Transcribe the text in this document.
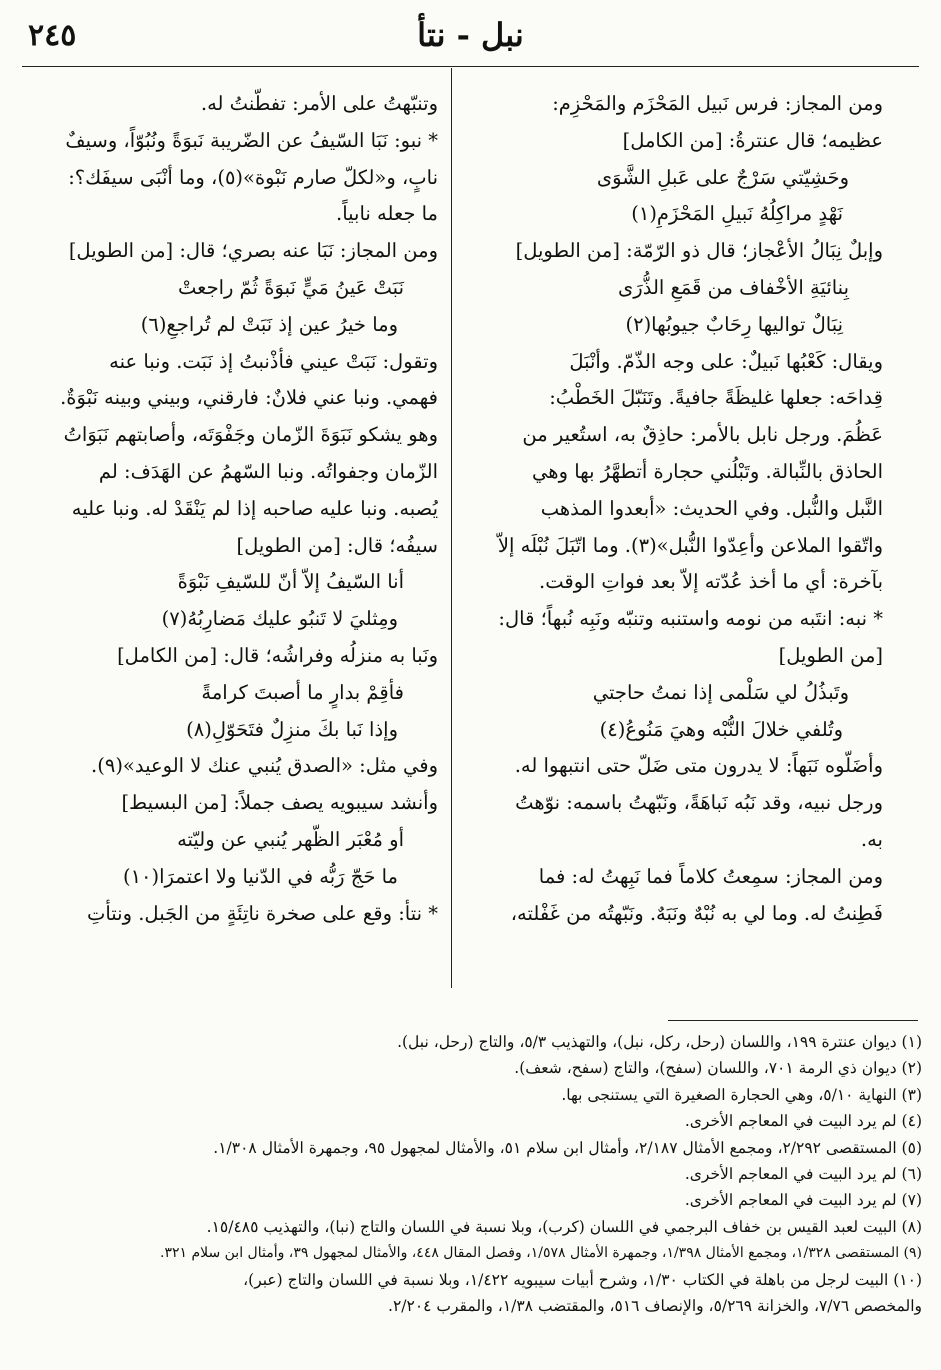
٢٤٥	نبل - نتأ
ومن المجاز: فرس نَبيل المَحْزَم والمَحْزِم:
عظيمه؛ قال عنترةُ: [من الكامل]
وحَشِيّتي سَرْجٌ على عَبلِ الشَّوَى
نَهْدٍ مراكِلُهُ نَبيلِ المَحْزَمِ(١)
وإبلٌ نِبَالُ الأعْجاز؛ قال ذو الرّمّة: [من الطويل]
بِنائيَةِ الأخْفاف من قَمَعِ الذُّرَى
نِبَالٌ تواليها رِحَابٌ جيوبُها(٢)
ويقال: كَعْبُها نَبيلٌ: على وجه الذّمّ. وأنْبَلَ
قِداحَه: جعلها غليظَةً جافيةً. وتَنَبّلَ الخَطْبُ:
عَظُمَ. ورجل نابل بالأمر: حاذِقٌ به، استُعير من
الحاذق بالنِّبالة. وتَبْلُني حجارة أتطهَّرُ بها وهي
النَّبل والنُّبل. وفي الحديث: «أبعدوا المذهب
واتّقوا الملاعن وأعِدّوا النُّبل»(٣). وما اتّبَلَ نُبْلَه إلاّ
بآخرة: أي ما أخذ عُدّته إلاّ بعد فواتِ الوقت.
* نبه: انتَبه من نومه واستنبه وتنبّه ونَبِه نُبهاً؛ قال:
[من الطويل]
وتَبذُلُ لي سَلْمى إذا نمتُ حاجتي
وتُلفي خلالَ النُّبْه وهيَ مَنُوعُ(٤)
وأضَلّوه نَبَهاً: لا يدرون متى ضَلّ حتى انتبهوا له.
ورجل نبيه، وقد نَبُه نَباهَةً، ونَبّهتُ باسمه: نوّهتُ
به.
ومن المجاز: سمِعتُ كلاماً فما نَبِهتُ له: فما
فَطِنتُ له. وما لي به نُبْهٌ ونَبَهٌ. ونَبّهتُه من غَفْلته،
وتنبّهتُ على الأمر: تفطّنتُ له.
* نبو: نَبَا السّيفُ عن الضّريبة نَبوَةً ونُبُوّاً، وسيفٌ
نابٍ، و«لكلّ صارم نَبْوة»(٥)، وما أنْبَى سيفَك؟:
ما جعله نابياً.
ومن المجاز: نَبَا عنه بصري؛ قال: [من الطويل]
نَبَتْ عَينُ مَيٍّ نَبوَةً ثُمّ راجعتْ
وما خيرُ عين إذ نَبَتْ لم تُراجعِ(٦)
وتقول: نَبَتْ عيني فأذْنبتُ إذ نَبَت. ونبا عنه
فهمي. ونبا عني فلانٌ: فارقني، وبيني وبينه نَبْوَةٌ.
وهو يشكو نَبَوَةَ الزّمان وجَفْوَتَه، وأصابتهم نَبَوَاتُ
الزّمان وجفواتُه. ونبا السّهمُ عن الهَدَف: لم
يُصبه. ونبا عليه صاحبه إذا لم يَنْقَدْ له. ونبا عليه
سيفُه؛ قال: [من الطويل]
أنا السّيفُ إلاّ أنّ للسّيفِ نَبْوَةً
ومِثليَ لا تَنبُو عليك مَضارِبُهُ(٧)
ونَبا به منزلُه وفراشُه؛ قال: [من الكامل]
فأقِمْ بدارٍ ما أصبتَ كرامةً
وإذا نَبا بكَ منزِلٌ فتَحَوّلِ(٨)
وفي مثل: «الصدق يُنبي عنك لا الوعيد»(٩).
وأنشد سيبويه يصف جملاً: [من البسيط]
أو مُعْبَر الظّهر يُنبي عن وليّته
ما حَجّ رَبُّه في الدّنيا ولا اعتمرَا(١٠)
* نتأ: وقع على صخرة ناتِئَةٍ من الجَبل. ونتأتِ
(١) ديوان عنترة ١٩٩، واللسان (رحل، ركل، نبل)، والتهذيب ٥/٣، والتاج (رحل، نبل).
(٢) ديوان ذي الرمة ٧٠١، واللسان (سفح)، والتاج (سفح، شعف).
(٣) النهاية ٥/١٠، وهي الحجارة الصغيرة التي يستنجى بها.
(٤) لم يرد البيت في المعاجم الأخرى.
(٥) المستقصى ٢/٢٩٢، ومجمع الأمثال ٢/١٨٧، وأمثال ابن سلام ٥١، والأمثال لمجهول ٩٥، وجمهرة الأمثال ١/٣٠٨.
(٦) لم يرد البيت في المعاجم الأخرى.
(٧) لم يرد البيت في المعاجم الأخرى.
(٨) البيت لعبد القيس بن خفاف البرجمي في اللسان (كرب)، وبلا نسبة في اللسان والتاج (نبا)، والتهذيب ١٥/٤٨٥.
(٩) المستقصى ١/٣٢٨، ومجمع الأمثال ١/٣٩٨، وجمهرة الأمثال ١/٥٧٨، وفصل المقال ٤٤٨، والأمثال لمجهول ٣٩، وأمثال ابن سلام ٣٢١.
(١٠) البيت لرجل من باهلة في الكتاب ١/٣٠، وشرح أبيات سيبويه ١/٤٢٢، وبلا نسبة في اللسان والتاج (عبر)،
والمخصص ٧/٧٦، والخزانة ٥/٢٦٩، والإنصاف ٥١٦، والمقتضب ١/٣٨، والمقرب ٢/٢٠٤.
